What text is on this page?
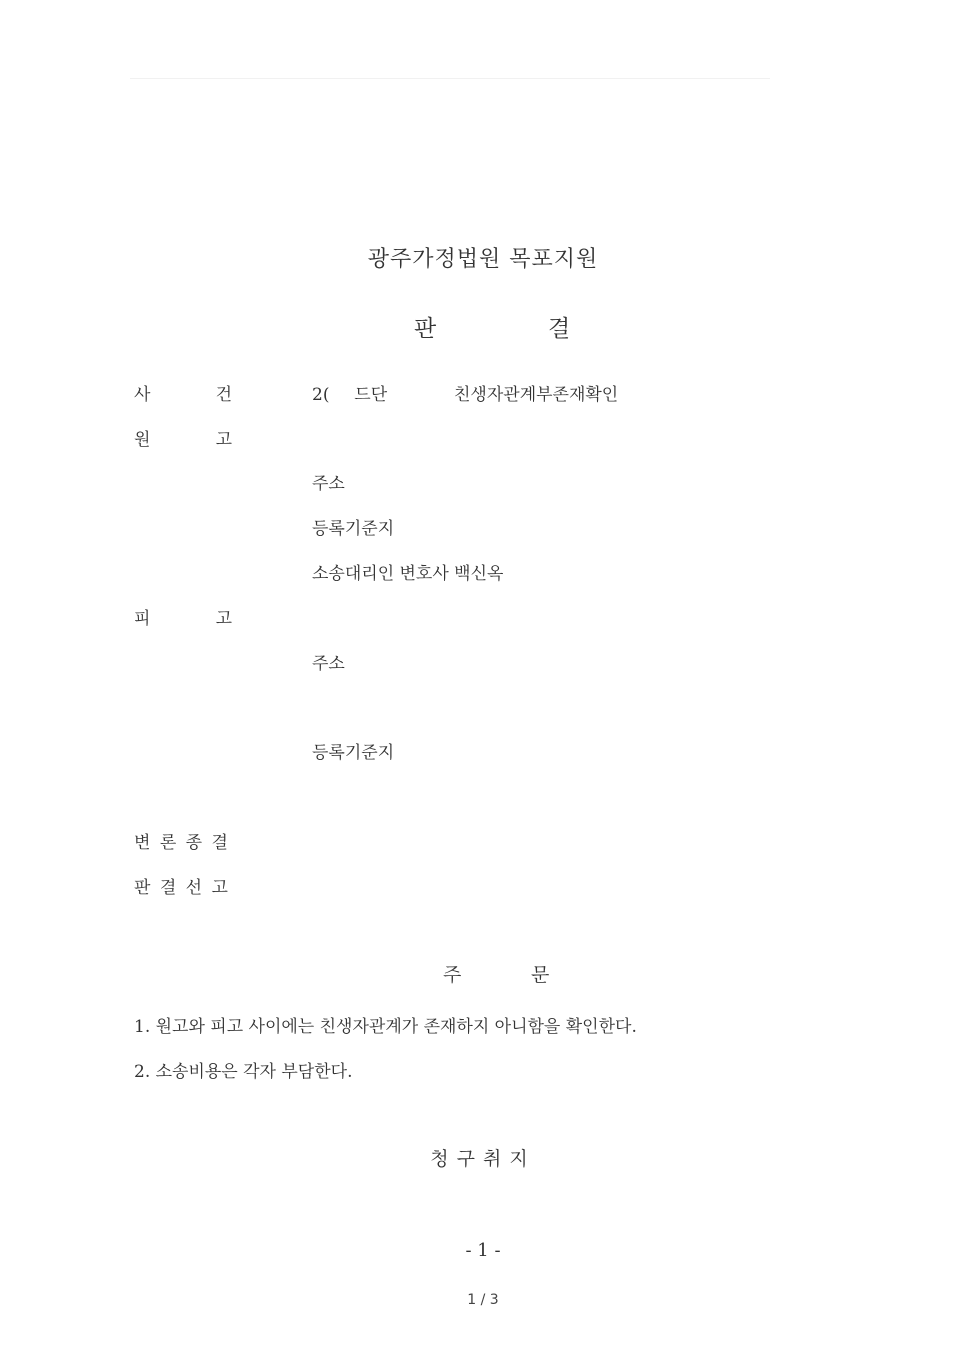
광주가정법원 목포지원
판	결
사	건	2( 드단	친생자관계부존재확인
원	고
주소
등록기준지
소송대리인 변호사 백신옥
피	고
주소
등록기준지
변 론 종 결
판 결 선 고
주	문
1. 원고와 피고 사이에는 친생자관계가 존재하지 아니함을 확인한다.
2. 소송비용은 각자 부담한다.
청구취지
- 1 -
1 / 3
